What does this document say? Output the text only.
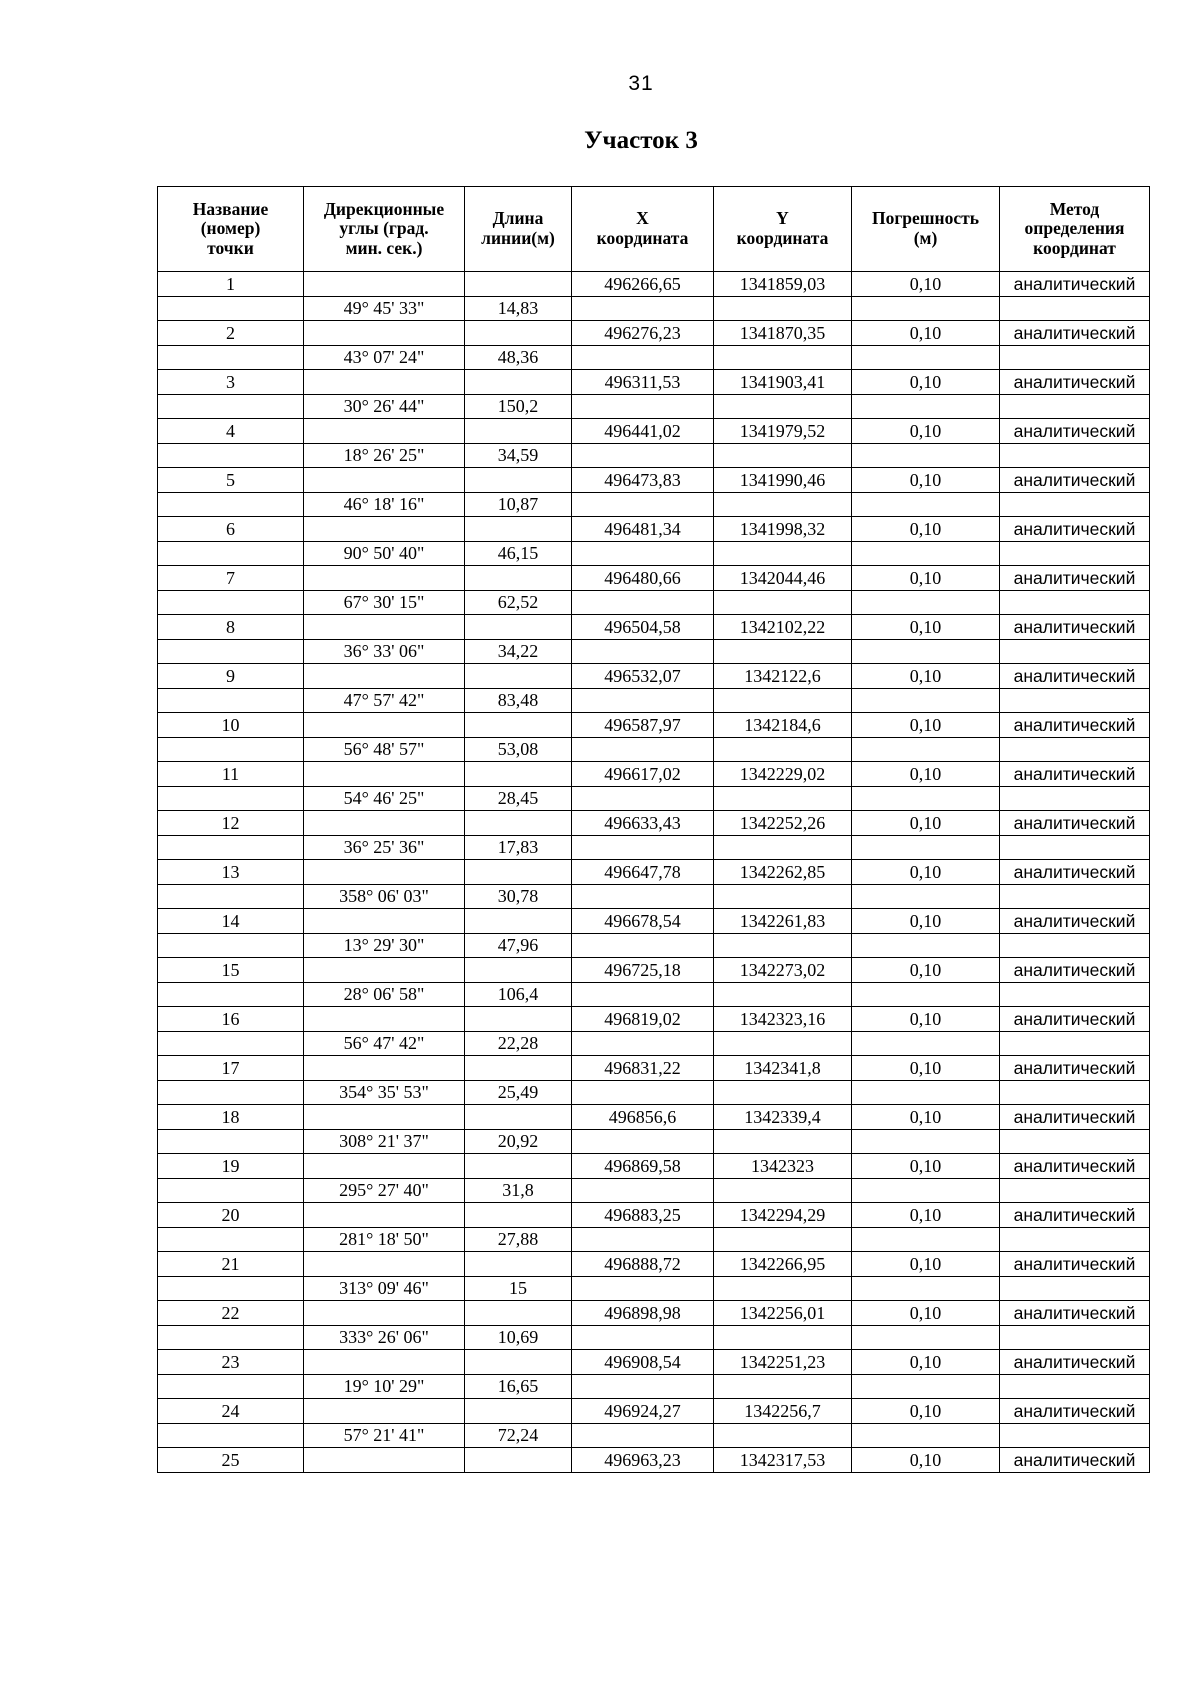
31
Участок 3
Название
(номер)
точки	Дирекционные
углы (град.
мин. сек.)	Длина
линии(м)	X
координата	Y
координата	Погрешность
(м)	Метод
определения
координат

1			496266,65	1341859,03	0,10	аналитический
	49° 45' 33"	14,83				
2			496276,23	1341870,35	0,10	аналитический
	43° 07' 24"	48,36				
3			496311,53	1341903,41	0,10	аналитический
	30° 26' 44"	150,2				
4			496441,02	1341979,52	0,10	аналитический
	18° 26' 25"	34,59				
5			496473,83	1341990,46	0,10	аналитический
	46° 18' 16"	10,87				
6			496481,34	1341998,32	0,10	аналитический
	90° 50' 40"	46,15				
7			496480,66	1342044,46	0,10	аналитический
	67° 30' 15"	62,52				
8			496504,58	1342102,22	0,10	аналитический
	36° 33' 06"	34,22				
9			496532,07	1342122,6	0,10	аналитический
	47° 57' 42"	83,48				
10			496587,97	1342184,6	0,10	аналитический
	56° 48' 57"	53,08				
11			496617,02	1342229,02	0,10	аналитический
	54° 46' 25"	28,45				
12			496633,43	1342252,26	0,10	аналитический
	36° 25' 36"	17,83				
13			496647,78	1342262,85	0,10	аналитический
	358° 06' 03"	30,78				
14			496678,54	1342261,83	0,10	аналитический
	13° 29' 30"	47,96				
15			496725,18	1342273,02	0,10	аналитический
	28° 06' 58"	106,4				
16			496819,02	1342323,16	0,10	аналитический
	56° 47' 42"	22,28				
17			496831,22	1342341,8	0,10	аналитический
	354° 35' 53"	25,49				
18			496856,6	1342339,4	0,10	аналитический
	308° 21' 37"	20,92				
19			496869,58	1342323	0,10	аналитический
	295° 27' 40"	31,8				
20			496883,25	1342294,29	0,10	аналитический
	281° 18' 50"	27,88				
21			496888,72	1342266,95	0,10	аналитический
	313° 09' 46"	15				
22			496898,98	1342256,01	0,10	аналитический
	333° 26' 06"	10,69				
23			496908,54	1342251,23	0,10	аналитический
	19° 10' 29"	16,65				
24			496924,27	1342256,7	0,10	аналитический
	57° 21' 41"	72,24				
25			496963,23	1342317,53	0,10	аналитический
